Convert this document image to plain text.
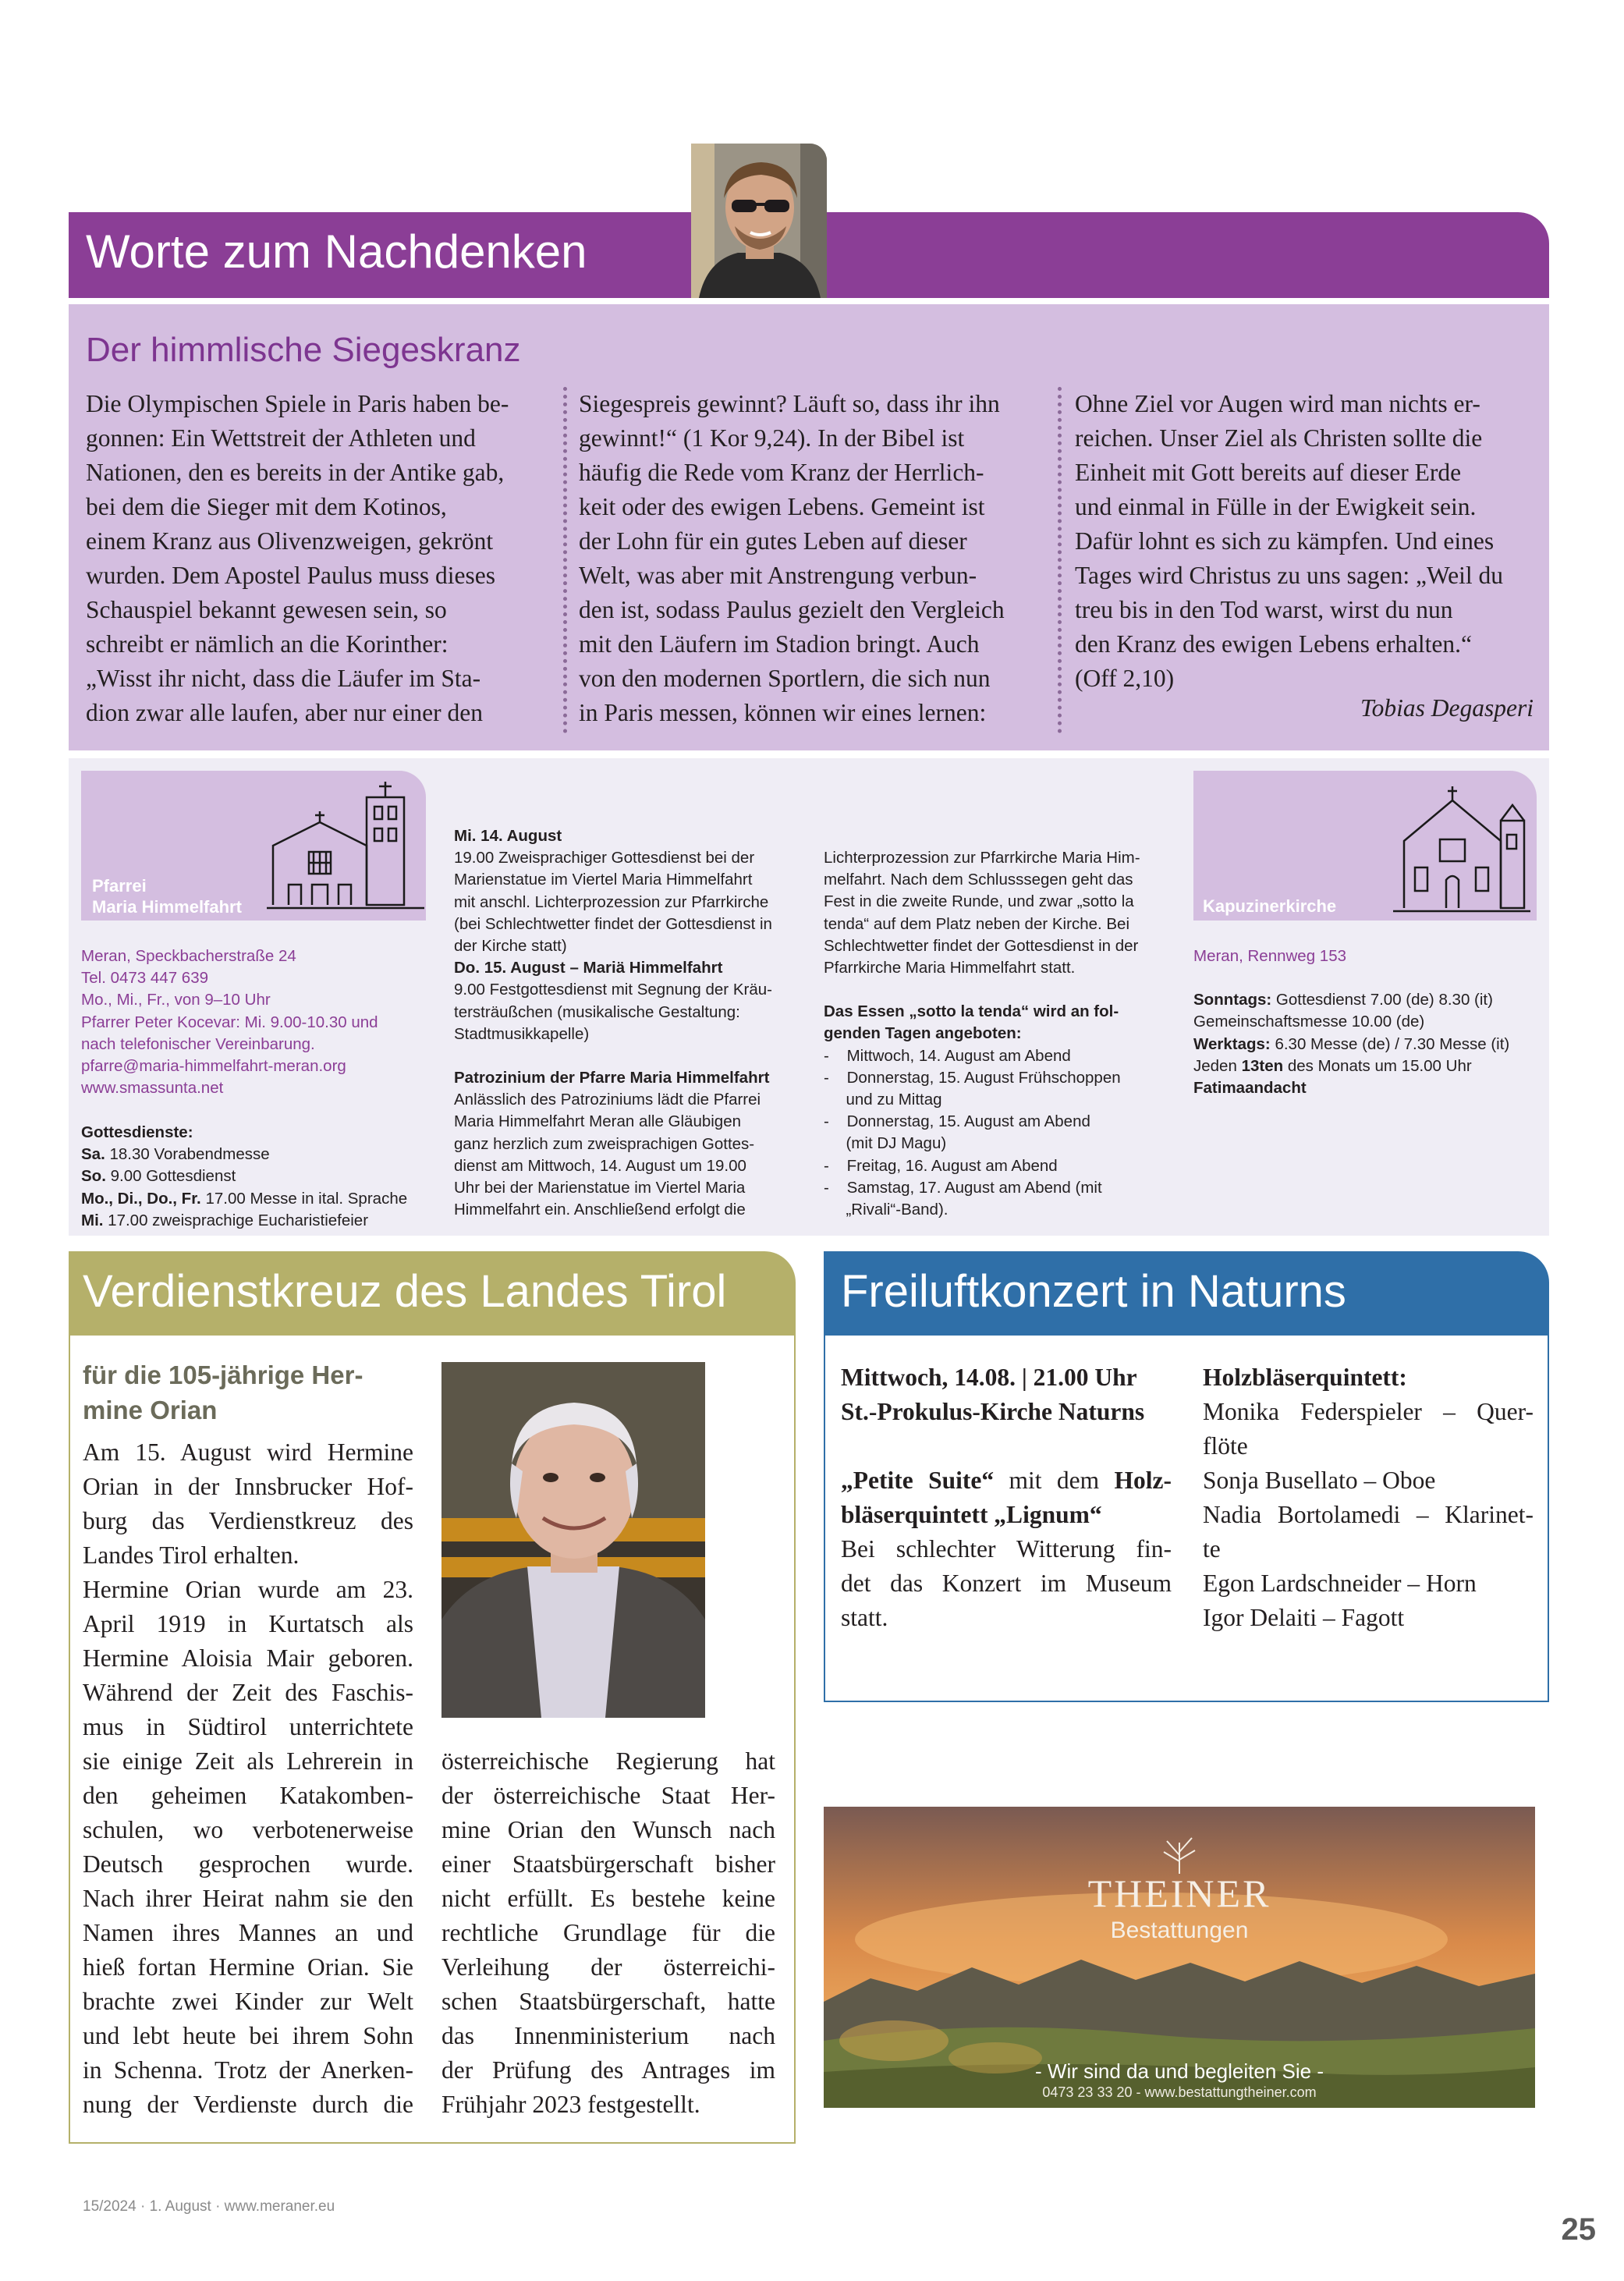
Worte zum Nachdenken
Der himmlische Siegeskranz

Die Olympischen Spiele in Paris haben be-

gonnen: Ein Wettstreit der Athleten und

Nationen, den es bereits in der Antike gab,

bei dem die Sieger mit dem Kotinos,

einem Kranz aus Olivenzweigen, gekrönt

wurden. Dem Apostel Paulus muss dieses

Schauspiel bekannt gewesen sein, so

schreibt er nämlich an die Korinther:

„Wisst ihr nicht, dass die Läufer im Sta-

dion zwar alle laufen, aber nur einer den

Siegespreis gewinnt? Läuft so, dass ihr ihn

gewinnt!“ (1 Kor 9,24). In der Bibel ist

häufig die Rede vom Kranz der Herrlich-

keit oder des ewigen Lebens. Gemeint ist

der Lohn für ein gutes Leben auf dieser

Welt, was aber mit Anstrengung verbun-

den ist, sodass Paulus gezielt den Vergleich

mit den Läufern im Stadion bringt. Auch

von den modernen Sportlern, die sich nun

in Paris messen, können wir eines lernen:

Ohne Ziel vor Augen wird man nichts er-

reichen. Unser Ziel als Christen sollte die

Einheit mit Gott bereits auf dieser Erde

und einmal in Fülle in der Ewigkeit sein.

Dafür lohnt es sich zu kämpfen. Und eines

Tages wird Christus zu uns sagen: „Weil du

treu bis in den Tod warst, wirst du nun

den Kranz des ewigen Lebens erhalten.“

(Off 2,10)

Tobias Degasperi
Pfarrei
Maria Himmelfahrt

Meran, Speckbacherstraße 24

Tel. 0473 447 639

Mo., Mi., Fr., von 9–10 Uhr

Pfarrer Peter Kocevar: Mi. 9.00-10.30 und

nach telefonischer Vereinbarung.

pfarre@maria-himmelfahrt-meran.org

www.smassunta.net

Gottesdienste:

Sa. 18.30 Vorabendmesse

So. 9.00 Gottesdienst

Mo., Di., Do., Fr. 17.00 Messe in ital. Sprache

Mi. 17.00 zweisprachige Eucharistiefeier

Mi. 14. August

19.00 Zweisprachiger Gottesdienst bei der

Marienstatue im Viertel Maria Himmelfahrt

mit anschl. Lichterprozession zur Pfarrkirche

(bei Schlechtwetter findet der Gottesdienst in

der Kirche statt)

Do. 15. August – Mariä Himmelfahrt

9.00 Festgottesdienst mit Segnung der Kräu-

tersträußchen (musikalische Gestaltung:

Stadtmusikkapelle)

Patrozinium der Pfarre Maria Himmelfahrt

Anlässlich des Patroziniums lädt die Pfarrei

Maria Himmelfahrt Meran alle Gläubigen

ganz herzlich zum zweisprachigen Gottes-

dienst am Mittwoch, 14. August um 19.00

Uhr bei der Marienstatue im Viertel Maria

Himmelfahrt ein. Anschließend erfolgt die

Lichterprozession zur Pfarrkirche Maria Him-

melfahrt. Nach dem Schlusssegen geht das

Fest in die zweite Runde, und zwar „sotto la

tenda“ auf dem Platz neben der Kirche. Bei

Schlechtwetter findet der Gottesdienst in der

Pfarrkirche Maria Himmelfahrt statt.

Das Essen „sotto la tenda“ wird an fol-

genden Tagen angeboten:

-    Mittwoch, 14. August am Abend

-    Donnerstag, 15. August Frühschoppen

und zu Mittag

-    Donnerstag, 15. August am Abend

(mit DJ Magu)

-    Freitag, 16. August am Abend

-    Samstag, 17. August am Abend (mit

„Rivali“-Band).

Kapuzinerkirche

Meran, Rennweg 153

Sonntags: Gottesdienst 7.00 (de) 8.30 (it)

Gemeinschaftsmesse 10.00 (de)

Werktags: 6.30 Messe (de) / 7.30 Messe (it)

Jeden 13ten des Monats um 15.00 Uhr

Fatimaandacht

Verdienstkreuz des Landes Tirol

für die 105-jährige Her-

mine Orian

Am 15. August wird Hermine

Orian in der Innsbrucker Hof-

burg das Verdienstkreuz des

Landes Tirol erhalten.

Hermine Orian wurde am 23.

April 1919 in Kurtatsch als

Hermine Aloisia Mair geboren.

Während der Zeit des Faschis-

mus in Südtirol unterrichtete

sie einige Zeit als Lehrerein in

den geheimen Katakomben-

schulen, wo verbotenerweise

Deutsch gesprochen wurde.

Nach ihrer Heirat nahm sie den

Namen ihres Mannes an und

hieß fortan Hermine Orian. Sie

brachte zwei Kinder zur Welt

und lebt heute bei ihrem Sohn

in Schenna. Trotz der Anerken-

nung der Verdienste durch die

österreichische Regierung hat

der österreichische Staat Her-

mine Orian den Wunsch nach

einer Staatsbürgerschaft bisher

nicht erfüllt. Es bestehe keine

rechtliche Grundlage für die

Verleihung der österreichi-

schen Staatsbürgerschaft, hatte

das Innenministerium nach

der Prüfung des Antrages im

Frühjahr 2023 festgestellt.

Freiluftkonzert in Naturns

Mittwoch, 14.08. | 21.00 Uhr

St.-Prokulus-Kirche Naturns

„Petite Suite“ mit dem Holz-

bläserquintett „Lignum“

Bei schlechter Witterung fin-

det das Konzert im Museum

statt.

Holzbläserquintett:

Monika Federspieler – Quer-

flöte

Sonja Busellato – Oboe

Nadia Bortolamedi – Klarinet-

te

Egon Lardschneider – Horn

Igor Delaiti – Fagott

THEINER
Bestattungen
- Wir sind da und begleiten Sie -
0473 23 33 20 - www.bestattungtheiner.com
15/2024 · 1. August · www.meraner.eu
25
